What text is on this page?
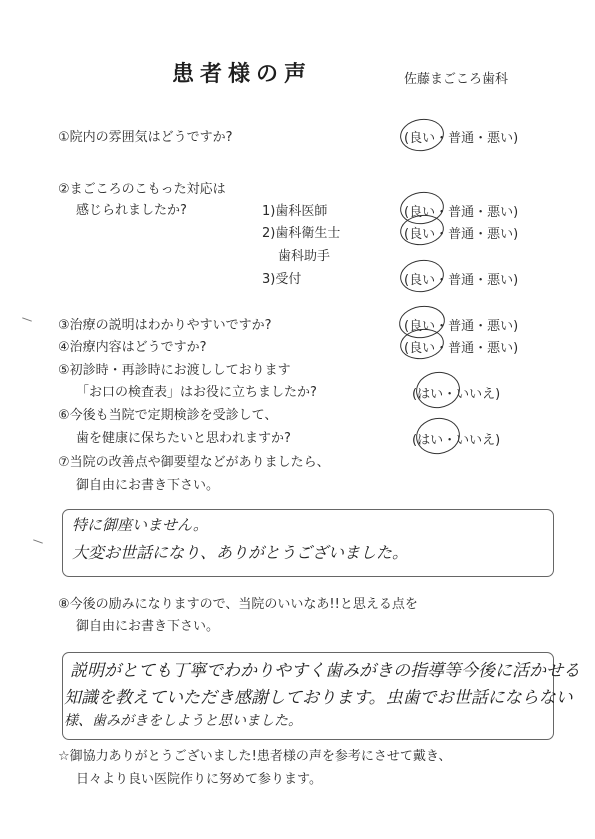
患者様の声	佐藤まごころ歯科
①院内の雰囲気はどうですか?	(良い・普通・悪い)
②まごころのこもった対応は
感じられましたか?	1)歯科医師	(良い・普通・悪い)
2)歯科衛生士	(良い・普通・悪い)
歯科助手
3)受付	(良い・普通・悪い)
③治療の説明はわかりやすいですか?	(良い・普通・悪い)
④治療内容はどうですか?	(良い・普通・悪い)
⑤初診時・再診時にお渡ししております
「お口の検査表」はお役に立ちましたか?	(はい・いいえ)
⑥今後も当院で定期検診を受診して、
歯を健康に保ちたいと思われますか?	(はい・いいえ)
⑦当院の改善点や御要望などがありましたら、
御自由にお書き下さい。
特に御座いません。
大変お世話になり、ありがとうございました。
⑧今後の励みになりますので、当院のいいなあ!!と思える点を
御自由にお書き下さい。
説明がとても丁寧でわかりやすく歯みがきの指導等今後に活かせる
知識を教えていただき感謝しております。虫歯でお世話にならない
様、歯みがきをしようと思いました。
☆御協力ありがとうございました!患者様の声を参考にさせて戴き、
日々より良い医院作りに努めて参ります。
